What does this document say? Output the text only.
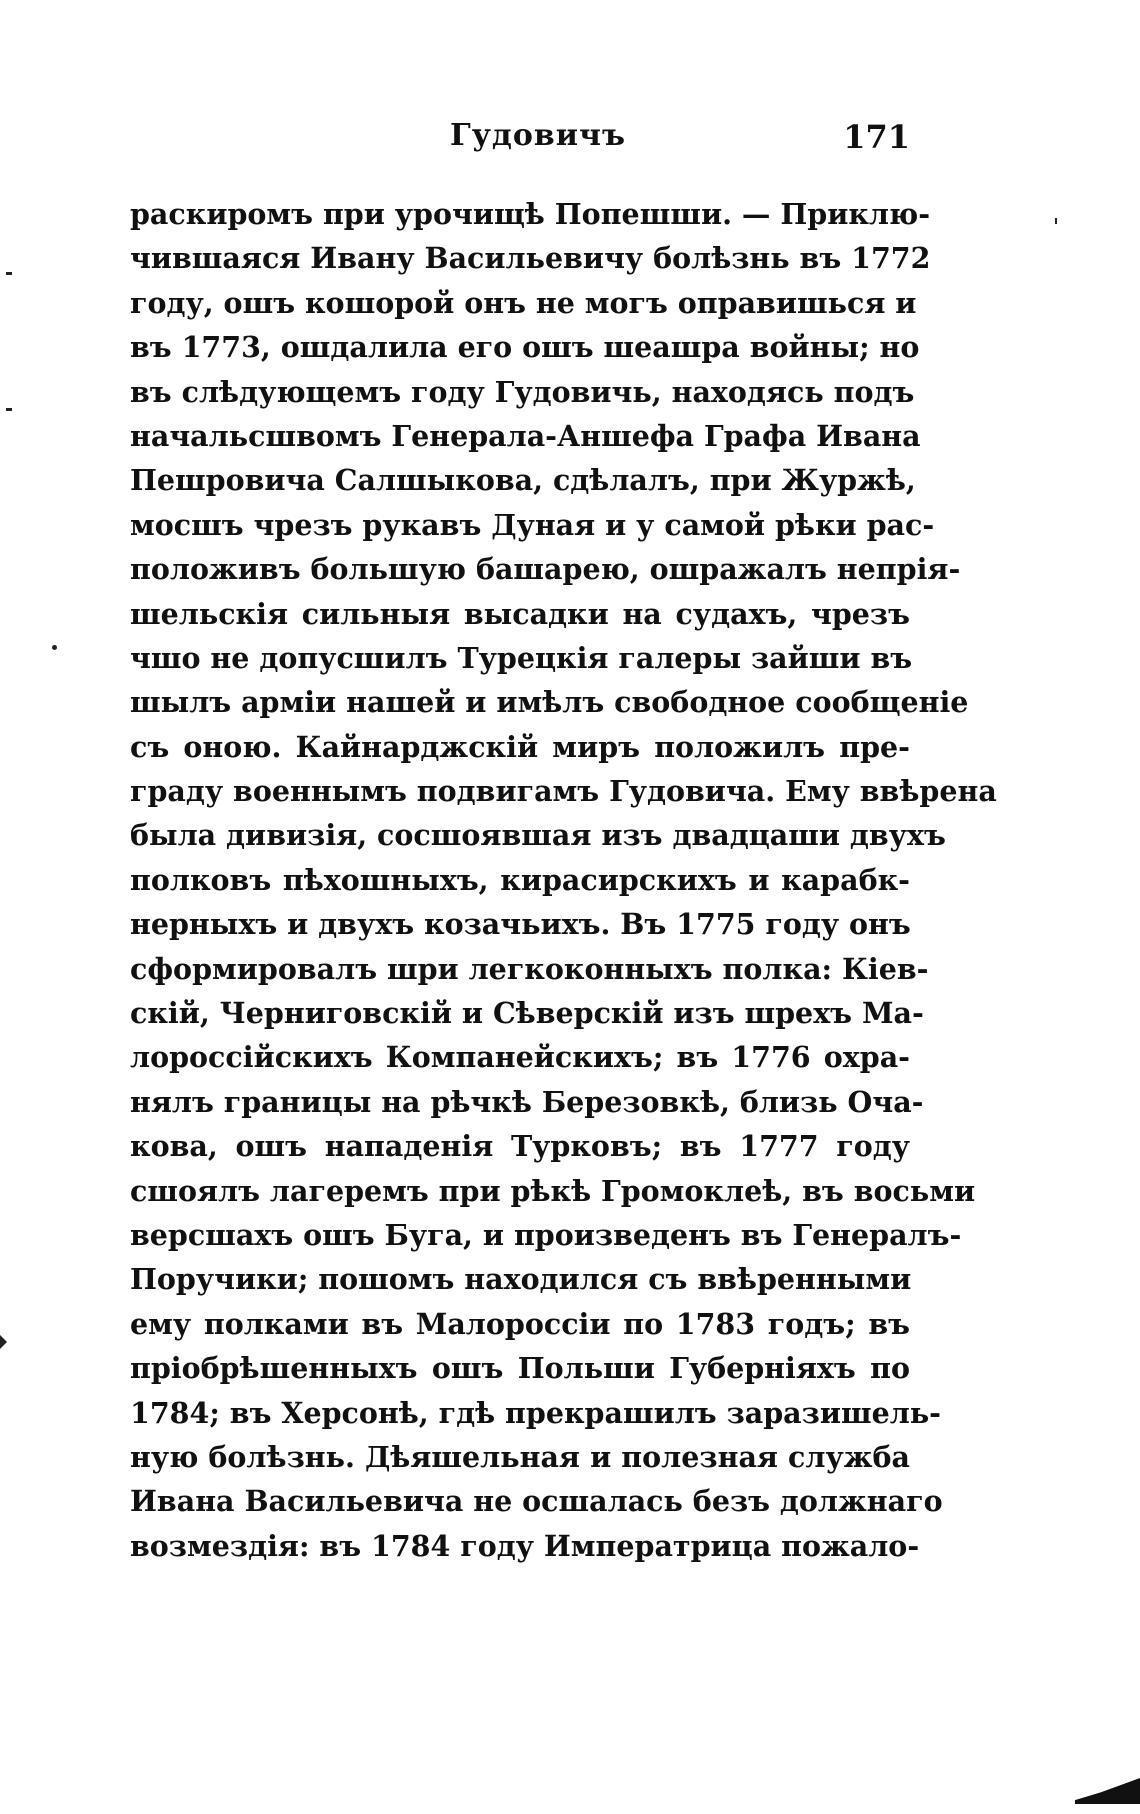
Гудовичъ	171
раскиромъ при урочищѣ Попешши. — Приклю-
чившаяся Ивану Васильевичу болѣзнь въ 1772
году, ошъ кошорой онъ не могъ оправишься и
въ 1773, ошдалила его ошъ шеашра войны; но
въ слѣдующемъ году Гудовичь, находясь подъ
начальсшвомъ Генерала-Аншефа Графа Ивана
Пешровича Салшыкова, сдѣлалъ, при Журжѣ,
мосшъ чрезъ рукавъ Дуная и у самой рѣки рас-
положивъ большую башарею, ошражалъ непрія-
шельскія сильныя высадки на судахъ, чрезъ
чшо не допусшилъ Турецкія галеры зайши въ
шылъ арміи нашей и имѣлъ свободное сообщеніе
съ оною. Кайнарджскій миръ положилъ пре-
граду военнымъ подвигамъ Гудовича. Ему ввѣрена
была дивизія, сосшоявшая изъ двадцаши двухъ
полковъ пѣхошныхъ, кирасирскихъ и карабк-
нерныхъ и двухъ козачьихъ. Въ 1775 году онъ
сформировалъ шри легкоконныхъ полка: Кіев-
скій, Черниговскій и Сѣверскій изъ шрехъ Ма-
лороссійскихъ Компанейскихъ; въ 1776 охра-
нялъ границы на рѣчкѣ Березовкѣ, близь Оча-
кова, ошъ нападенія Турковъ; въ 1777 году
сшоялъ лагеремъ при рѣкѣ Громоклеѣ, въ восьми
версшахъ ошъ Буга, и произведенъ въ Генералъ-
Поручики; пошомъ находился съ ввѣренными
ему полками въ Малороссіи по 1783 годъ; въ
пріобрѣшенныхъ ошъ Польши Губерніяхъ по
1784; въ Херсонѣ, гдѣ прекрашилъ заразишель-
ную болѣзнь. Дѣяшельная и полезная служба
Ивана Васильевича не осшалась безъ должнаго
возмездія: въ 1784 году Императрица пожало-
